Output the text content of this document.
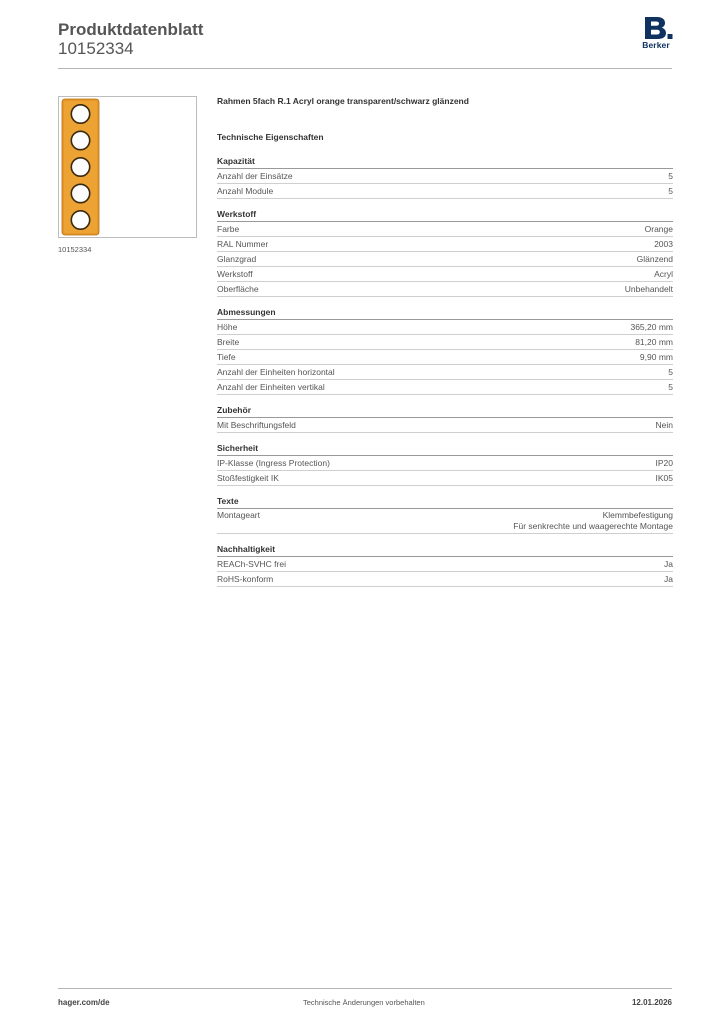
Produktdatenblatt
10152334	Berker
10152334
Rahmen 5fach R.1 Acryl orange transparent/schwarz glänzend
Technische Eigenschaften
Kapazität
Anzahl der Einsätze	5
Anzahl Module	5
Werkstoff
Farbe	Orange
RAL Nummer	2003
Glanzgrad	Glänzend
Werkstoff	Acryl
Oberfläche	Unbehandelt
Abmessungen
Höhe	365,20 mm
Breite	81,20 mm
Tiefe	9,90 mm
Anzahl der Einheiten horizontal	5
Anzahl der Einheiten vertikal	5
Zubehör
Mit Beschriftungsfeld	Nein
Sicherheit
IP-Klasse (Ingress Protection)	IP20
Stoßfestigkeit IK	IK05
Texte
Montageart	Klemmbefestigung
Für senkrechte und waagerechte Montage
Nachhaltigkeit
REACh-SVHC frei	Ja
RoHS-konform	Ja
hager.com/de	Technische Änderungen vorbehalten	12.01.2026
